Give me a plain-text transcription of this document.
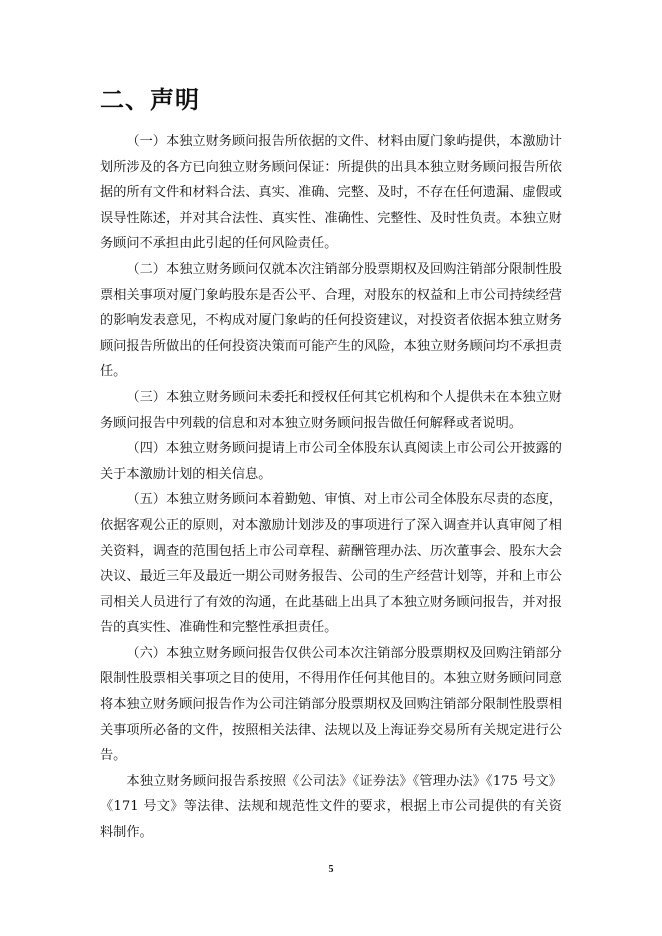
二、声明

（一）本独立财务顾问报告所依据的文件、材料由厦门象屿提供，本激励计划所涉及的各方已向独立财务顾问保证：所提供的出具本独立财务顾问报告所依据的所有文件和材料合法、真实、准确、完整、及时，不存在任何遗漏、虚假或误导性陈述，并对其合法性、真实性、准确性、完整性、及时性负责。本独立财务顾问不承担由此引起的任何风险责任。

（二）本独立财务顾问仅就本次注销部分股票期权及回购注销部分限制性股票相关事项对厦门象屿股东是否公平、合理，对股东的权益和上市公司持续经营的影响发表意见，不构成对厦门象屿的任何投资建议，对投资者依据本独立财务顾问报告所做出的任何投资决策而可能产生的风险，本独立财务顾问均不承担责任。

（三）本独立财务顾问未委托和授权任何其它机构和个人提供未在本独立财务顾问报告中列载的信息和对本独立财务顾问报告做任何解释或者说明。

（四）本独立财务顾问提请上市公司全体股东认真阅读上市公司公开披露的关于本激励计划的相关信息。

（五）本独立财务顾问本着勤勉、审慎、对上市公司全体股东尽责的态度，依据客观公正的原则，对本激励计划涉及的事项进行了深入调查并认真审阅了相关资料，调查的范围包括上市公司章程、薪酬管理办法、历次董事会、股东大会决议、最近三年及最近一期公司财务报告、公司的生产经营计划等，并和上市公司相关人员进行了有效的沟通，在此基础上出具了本独立财务顾问报告，并对报告的真实性、准确性和完整性承担责任。

（六）本独立财务顾问报告仅供公司本次注销部分股票期权及回购注销部分限制性股票相关事项之目的使用，不得用作任何其他目的。本独立财务顾问同意将本独立财务顾问报告作为公司注销部分股票期权及回购注销部分限制性股票相关事项所必备的文件，按照相关法律、法规以及上海证券交易所有关规定进行公告。

本独立财务顾问报告系按照《公司法》《证券法》《管理办法》《175 号文》《171 号文》等法律、法规和规范性文件的要求，根据上市公司提供的有关资料制作。

5
